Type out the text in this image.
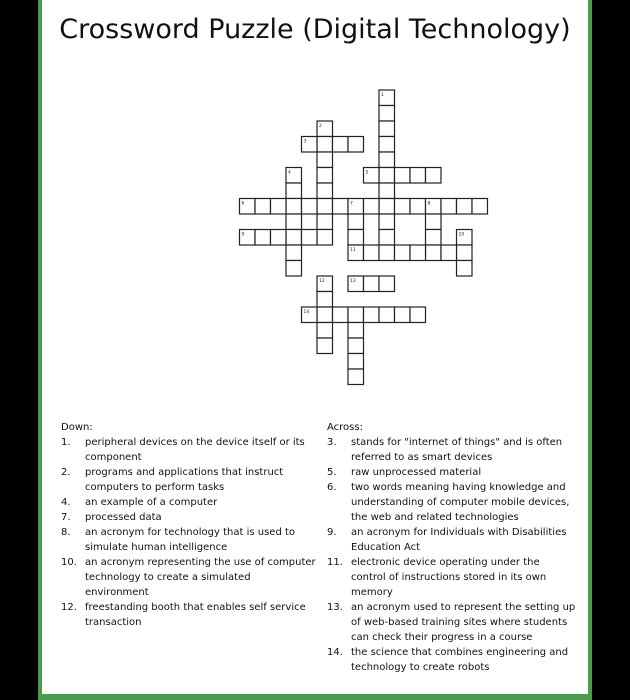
Crossword Puzzle (Digital Technology)
1
2
3
4	5
6	7	8
9	10
11
12	13
14
Down:
1.	peripheral devices on the device itself or its component
2.	programs and applications that instruct computers to perform tasks
4.	an example of a computer
7.	processed data
8.	an acronym for technology that is used to simulate human intelligence
10. an acronym representing the use of computer technology to create a simulated environment
12. freestanding booth that enables self service transaction
Across:
3.	stands for "internet of things" and is often referred to as smart devices
5.	raw unprocessed material
6.	two words meaning having knowledge and understanding of computer mobile devices, the web and related technologies
9.	an acronym for Individuals with Disabilities Education Act
11. electronic device operating under the control of instructions stored in its own memory
13. an acronym used to represent the setting up of web-based training sites where students can check their progress in a course
14. the science that combines engineering and technology to create robots
